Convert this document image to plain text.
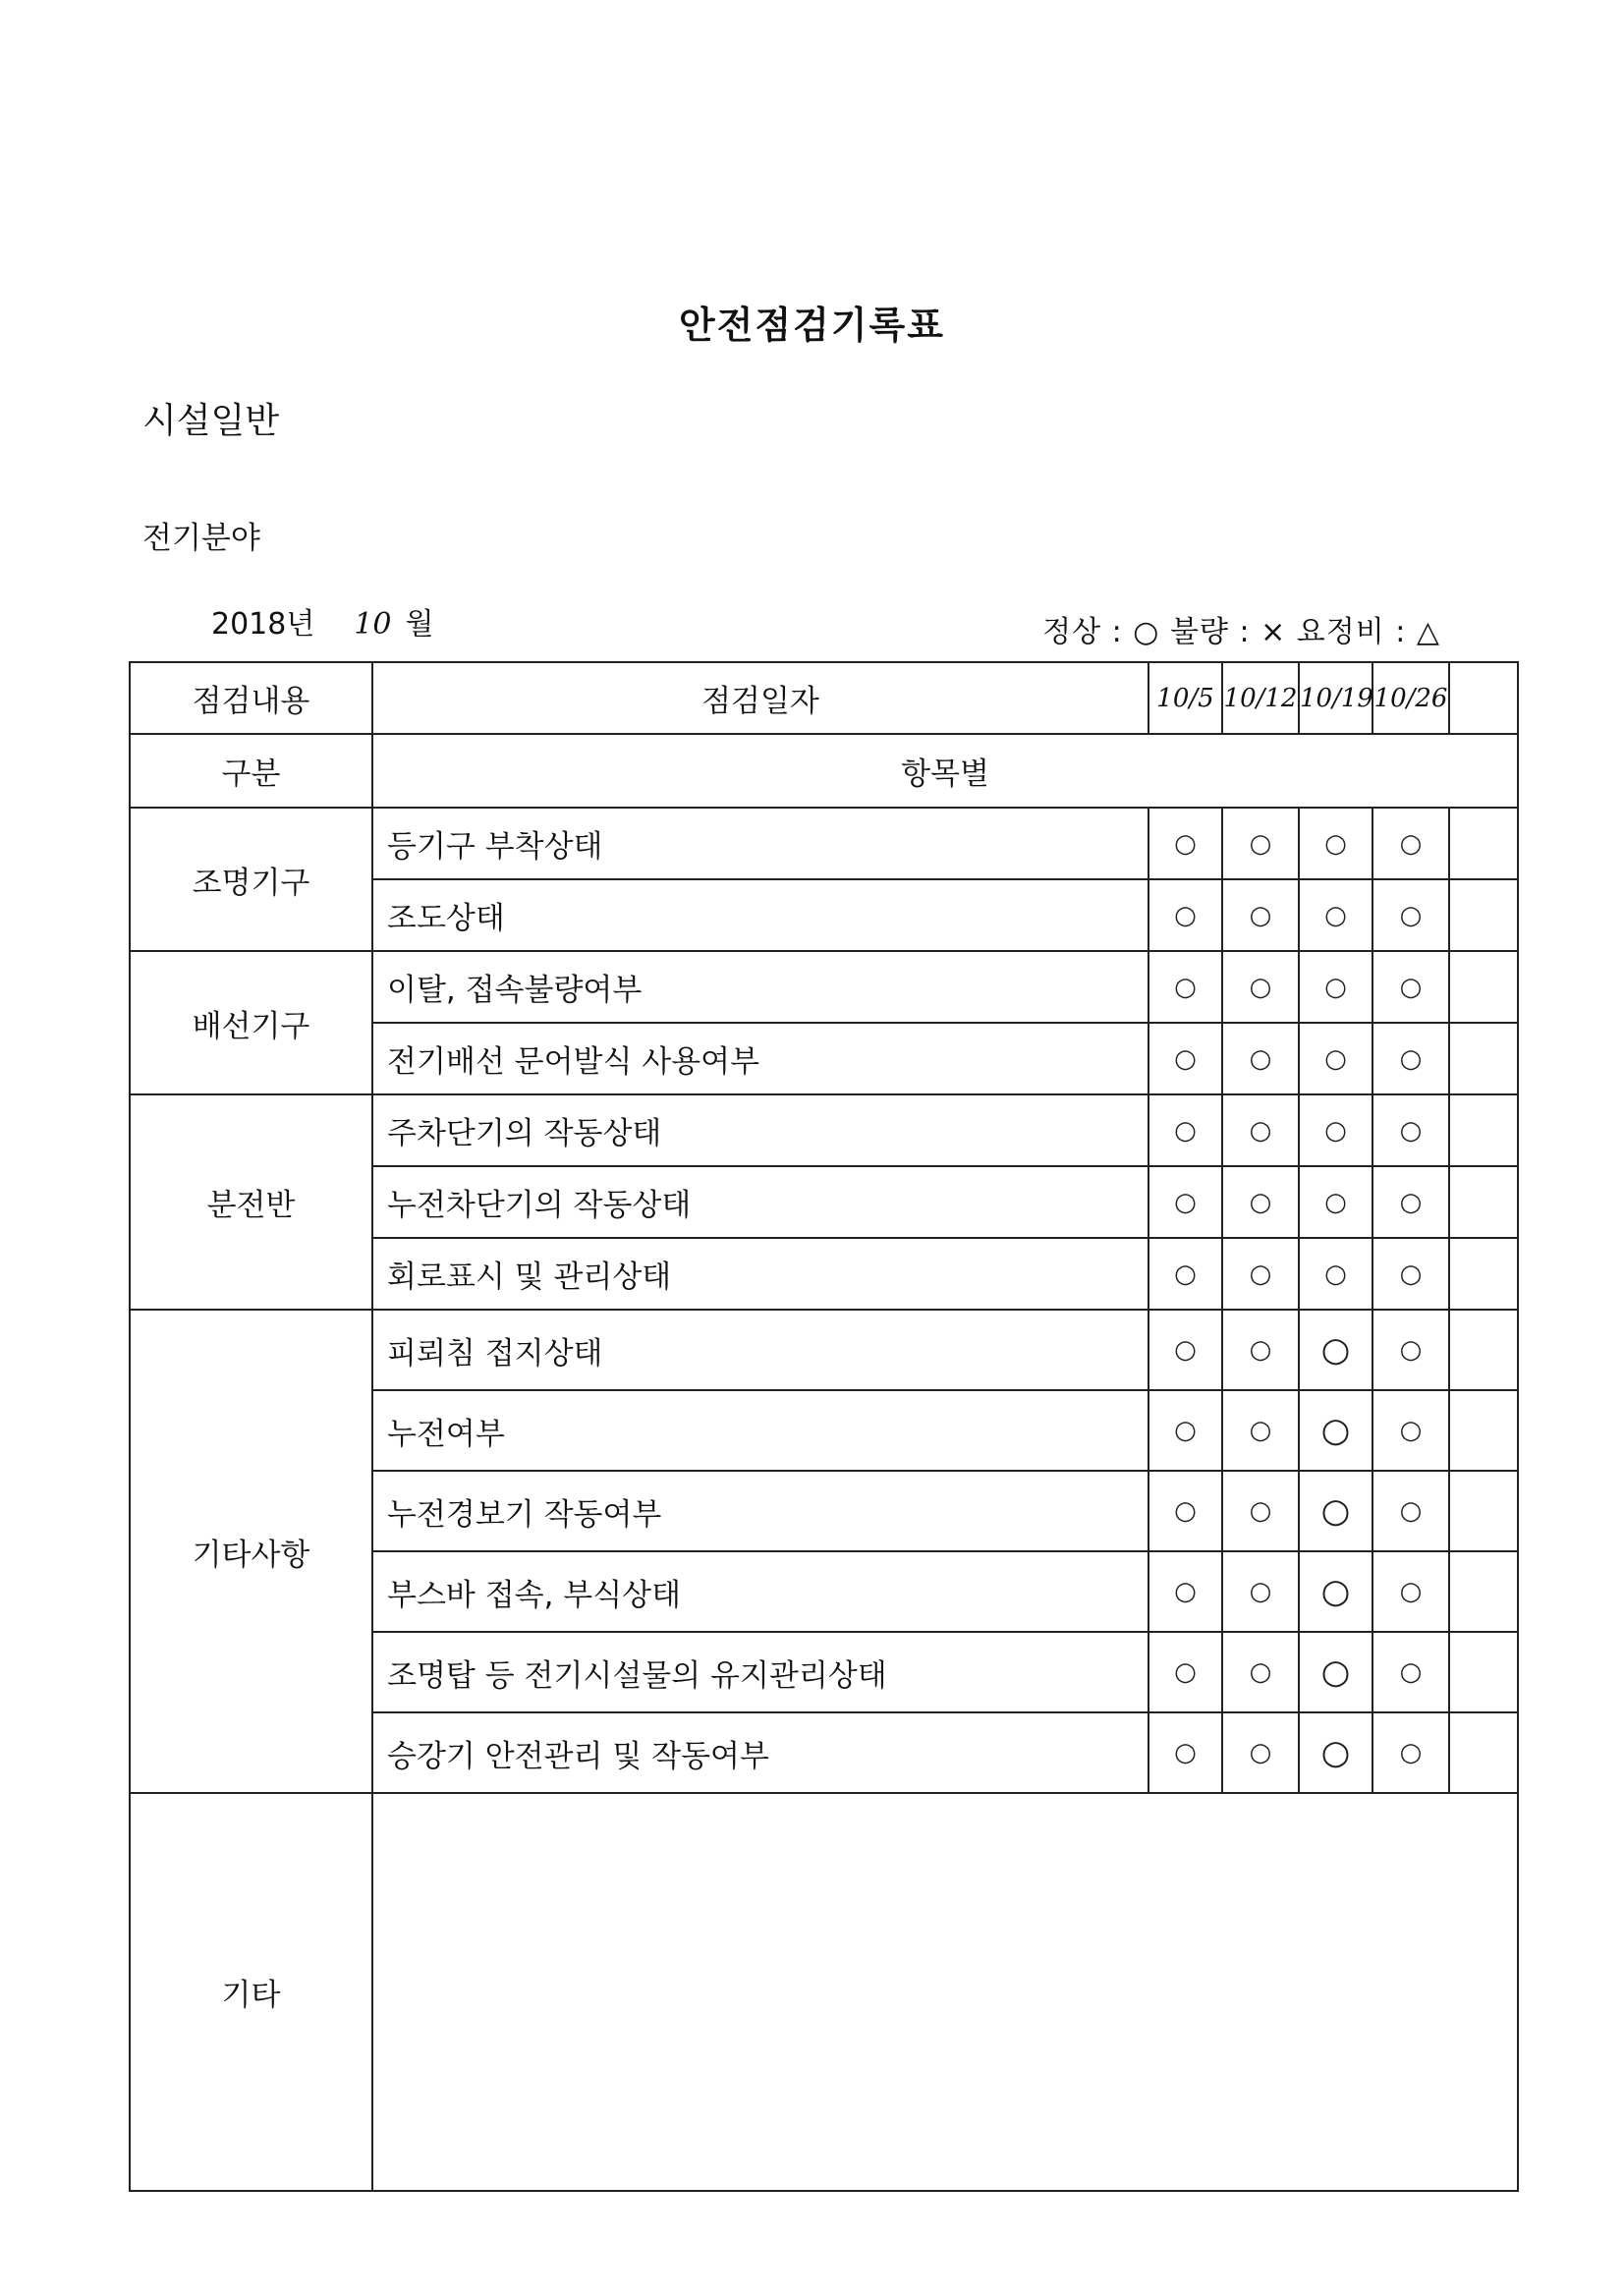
안전점검기록표
시설일반
전기분야
2018년 10 월	정상 : ○ 불량 : × 요정비 : △
점검내용	점검일자	10/5	10/12	10/19	10/26	
구분	항목별					
조명기구	등기구 부착상태	○	○	○	○	
	조도상태	○	○	○	○	
배선기구	이탈, 접속불량여부	○	○	○	○	
	전기배선 문어발식 사용여부	○	○	○	○	
분전반	주차단기의 작동상태	○	○	○	○	
	누전차단기의 작동상태	○	○	○	○	
	회로표시 및 관리상태	○	○	○	○	
기타사항	피뢰침 접지상태	○	○	○	○	
	누전여부	○	○	○	○	
	누전경보기 작동여부	○	○	○	○	
	부스바 접속, 부식상태	○	○	○	○	
	조명탑 등 전기시설물의 유지관리상태	○	○	○	○	
	승강기 안전관리 및 작동여부	○	○	○	○	
기타						
